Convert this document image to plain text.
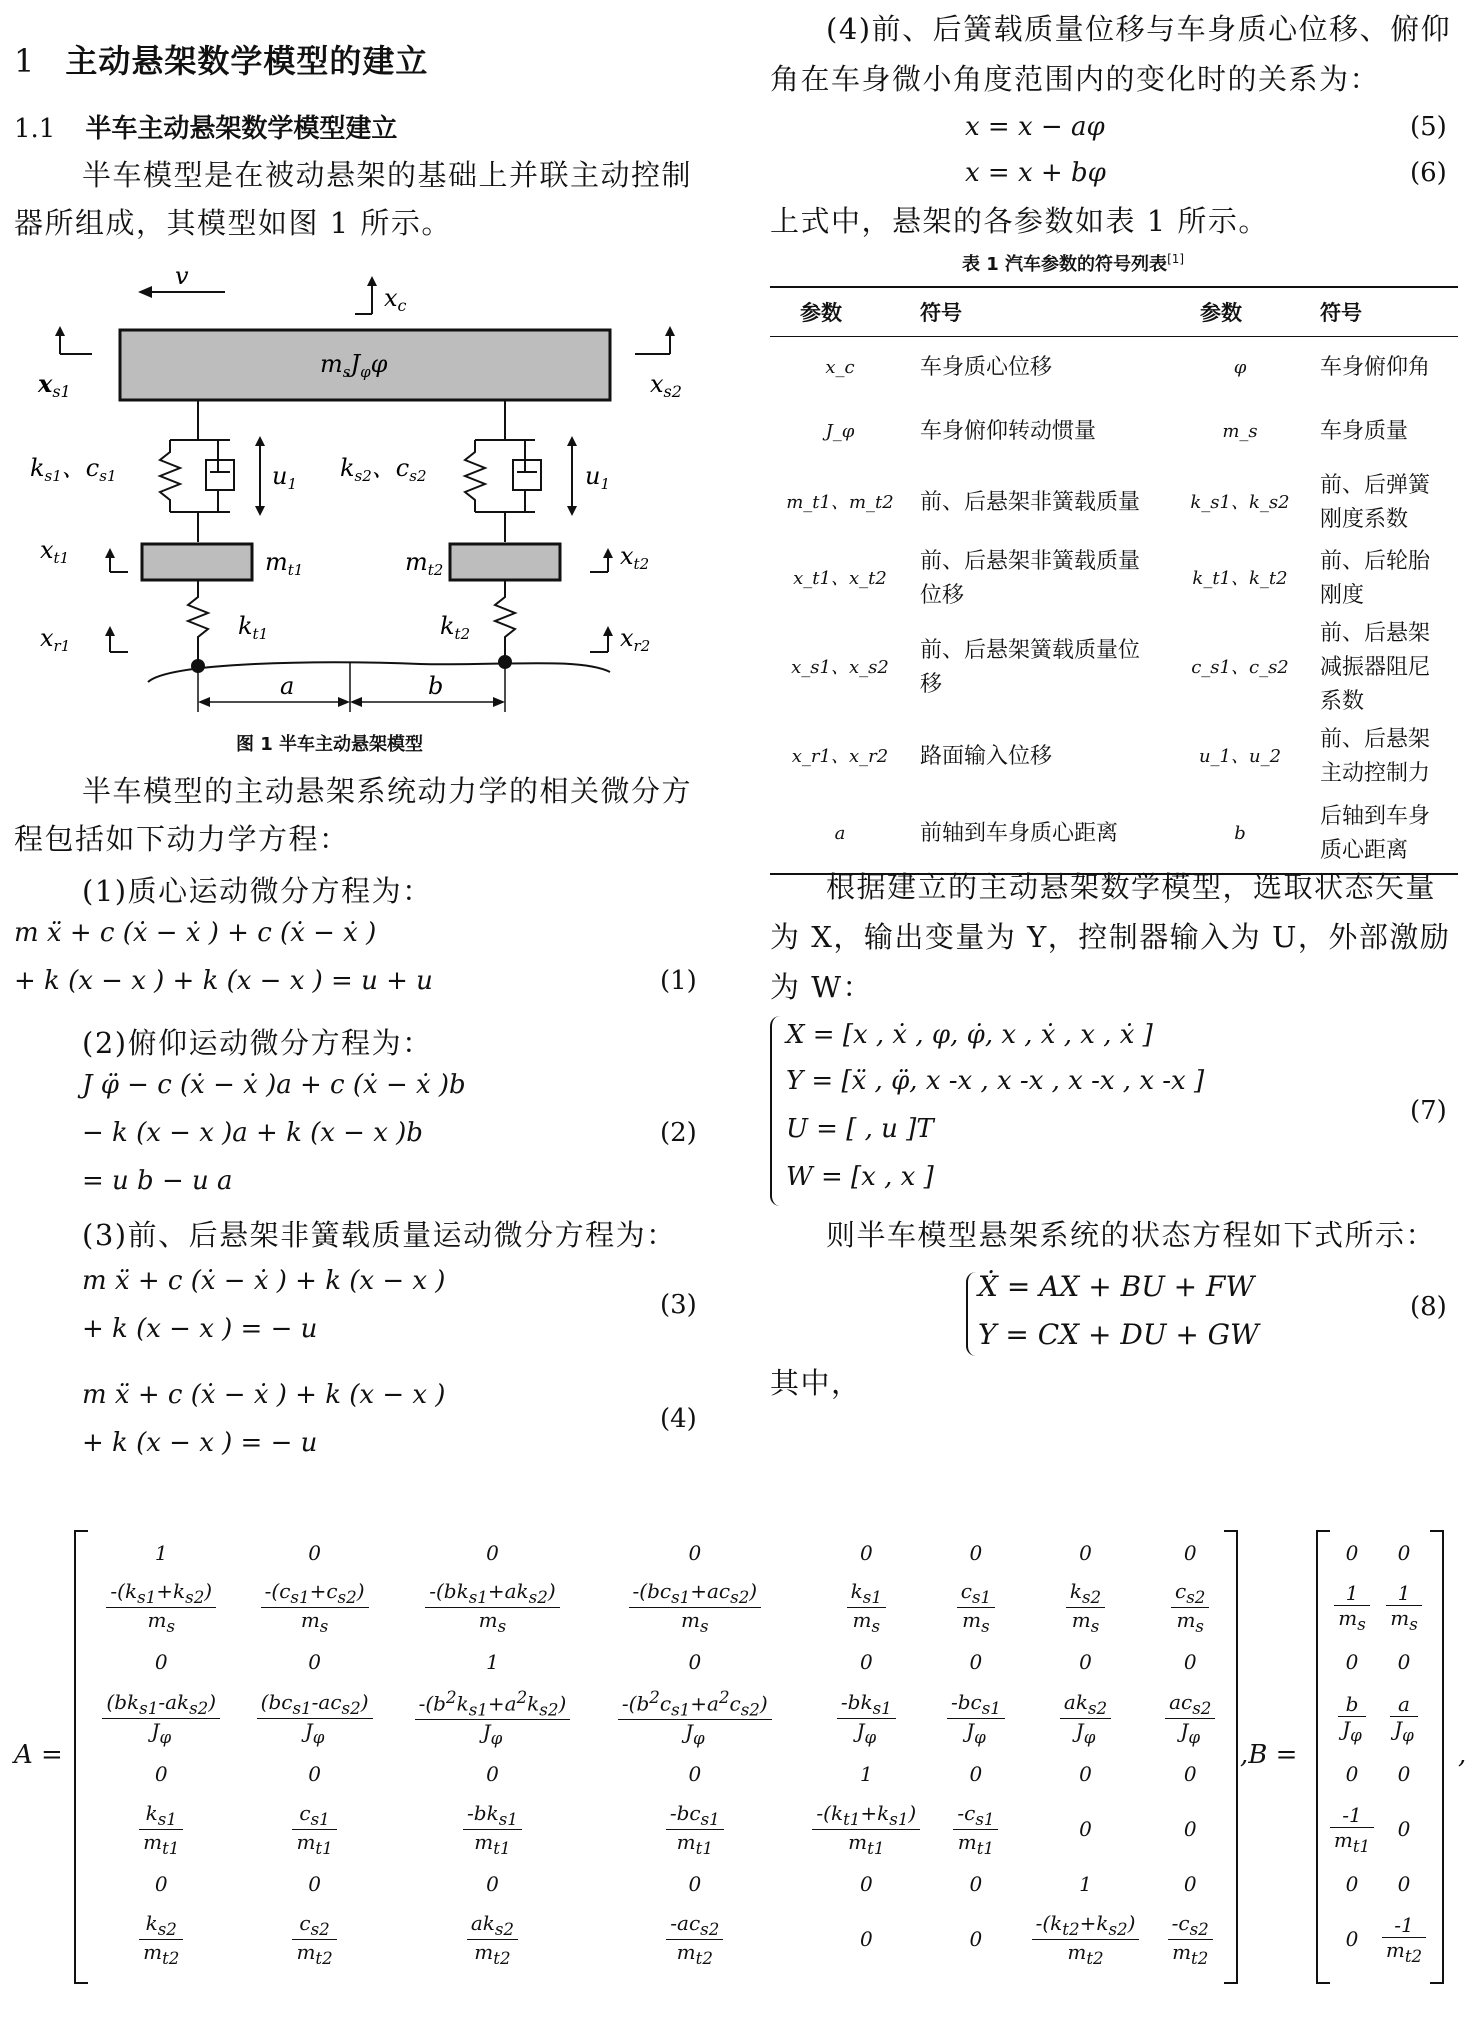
1 主动悬架数学模型的建立
1.1 半车主动悬架数学模型建立
半车模型是在被动悬架的基础上并联主动控制
器所组成，其模型如图 1 所示。
v
$x_c$
$m_sJ_\varphi\varphi$
$x_{s1}$	$x_{s2}$
$k_{s1}$、$c_{s1}$	$u_1$
$k_{s2}$、$c_{s2}$	$u_1$
$m_{t1}$	$m_{t2}$
$x_{t1}$	$x_{t2}$
$k_{t1}$	$k_{t2}$
$x_{r1}$	$x_{r2}$
a	b
图 1 半车主动悬架模型
半车模型的主动悬架系统动力学的相关微分方
程包括如下动力学方程：
(1)质心运动微分方程为：
m ẍ + c (ẋ − ẋ ) + c (ẋ − ẋ )
+ k (x − x ) + k (x − x ) = u + u	(1)
(2)俯仰运动微分方程为：
J φ̈ − c (ẋ − ẋ )a + c (ẋ − ẋ )b
− k (x − x )a + k (x − x )b	(2)
= u b − u a
(3)前、后悬架非簧载质量运动微分方程为：
m ẍ + c (ẋ − ẋ ) + k (x − x )
(3)
+ k (x − x ) = − u
m ẍ + c (ẋ − ẋ ) + k (x − x )
(4)
+ k (x − x ) = − u
(4)前、后簧载质量位移与车身质心位移、俯仰
角在车身微小角度范围内的变化时的关系为：
x = x − aφ	(5)
x = x + bφ	(6)
上式中，悬架的各参数如表 1 所示。
表 1 汽车参数的符号列表[1]
参数	符号	参数	符号
x_c	车身质心位移	φ	车身俯仰角
J_φ	车身俯仰转动惯量	m_s	车身质量
m_t1、m_t2	前、后悬架非簧载质量	k_s1、k_s2	前、后弹簧刚度系数
x_t1、x_t2	前、后悬架非簧载质量位移	k_t1、k_t2	前、后轮胎刚度
x_s1、x_s2	前、后悬架簧载质量位移	c_s1、c_s2	前、后悬架减振器阻尼系数
x_r1、x_r2	路面输入位移	u_1、u_2	前、后悬架主动控制力
a	前轴到车身质心距离	b	后轴到车身质心距离
根据建立的主动悬架数学模型，选取状态矢量
为 X，输出变量为 Y，控制器输入为 U，外部激励
为 W：
X = [x , ẋ , φ, φ̇, x , ẋ , x , ẋ ]
Y = [ẍ , φ̈, x -x , x -x , x -x , x -x ]
(7)
U = [ , u ]T
W = [x , x ]
则半车模型悬架系统的状态方程如下式所示：
Ẋ = AX + BU + FW
(8)
Y = CX + DU + GW
其中，
A =
1	0	0	0	0	0	0	0

$\frac{-(k_{s1}+k_{s2})}{m_s}$	$\frac{-(c_{s1}+c_{s2})}{m_s}$	$\frac{-(bk_{s1}+ak_{s2})}{m_s}$	$\frac{-(bc_{s1}+ac_{s2})}{m_s}$	$\frac{k_{s1}}{m_s}$	$\frac{c_{s1}}{m_s}$	$\frac{k_{s2}}{m_s}$	$\frac{c_{s2}}{m_s}$

0	0	1	0	0	0	0	0

$\frac{(bk_{s1}-ak_{s2})}{J_\varphi}$	$\frac{(bc_{s1}-ac_{s2})}{J_\varphi}$	$\frac{-(b^2k_{s1}+a^2k_{s2})}{J_\varphi}$	$\frac{-(b^2c_{s1}+a^2c_{s2})}{J_\varphi}$	$\frac{-bk_{s1}}{J_\varphi}$	$\frac{-bc_{s1}}{J_\varphi}$	$\frac{ak_{s2}}{J_\varphi}$	$\frac{ac_{s2}}{J_\varphi}$

0	0	0	0	1	0	0	0

$\frac{k_{s1}}{m_{t1}}$	$\frac{c_{s1}}{m_{t1}}$	$\frac{-bk_{s1}}{m_{t1}}$	$\frac{-bc_{s1}}{m_{t1}}$	$\frac{-(k_{t1}+k_{s1})}{m_{t1}}$	$\frac{-c_{s1}}{m_{t1}}$	0	0
0	0	0	0	0	0	1	0

$\frac{k_{s2}}{m_{t2}}$	$\frac{c_{s2}}{m_{t2}}$	$\frac{ak_{s2}}{m_{t2}}$	$\frac{-ac_{s2}}{m_{t2}}$	0	0	$\frac{-(k_{t2}+k_{s2})}{m_{t2}}$	$\frac{-c_{s2}}{m_{t2}}$
,B =
0	0

$\frac{1}{m_s}$	$\frac{1}{m_s}$

0	0

$\frac{b}{J_\varphi}$	$\frac{a}{J_\varphi}$

0	0

$\frac{-1}{m_{t1}}$	0
0	0
0	$\frac{-1}{m_{t2}}$
,
